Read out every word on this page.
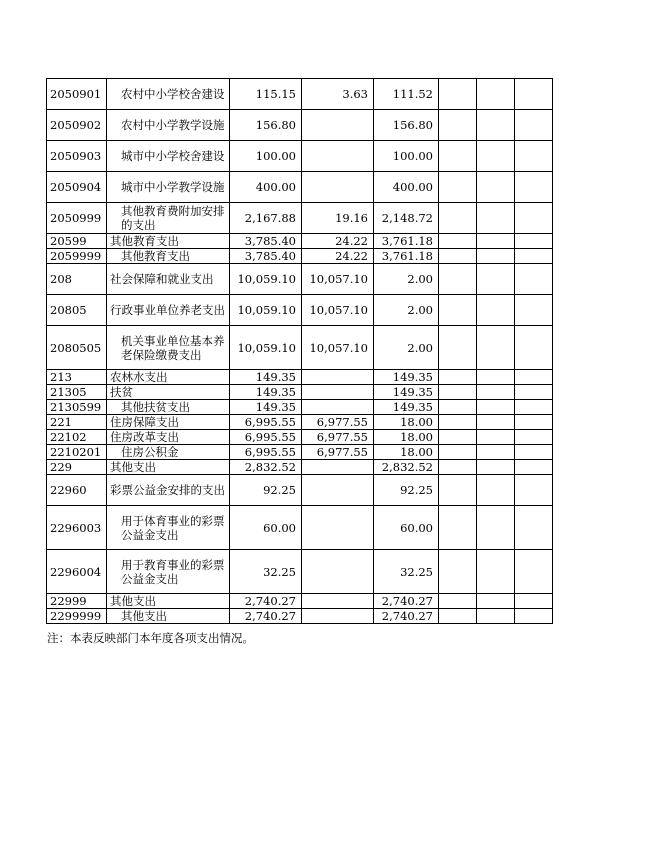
2050901	农村中小学校舍建设	115.15	3.63	111.52			
2050902	农村中小学教学设施	156.80		156.80			
2050903	城市中小学校舍建设	100.00		100.00			
2050904	城市中小学教学设施	400.00		400.00			
2050999	其他教育费附加安排的支出	2,167.88	19.16	2,148.72			
20599	其他教育支出	3,785.40	24.22	3,761.18			
2059999	其他教育支出	3,785.40	24.22	3,761.18			
208	社会保障和就业支出	10,059.10	10,057.10	2.00			
20805	行政事业单位养老支出	10,059.10	10,057.10	2.00			
2080505	机关事业单位基本养老保险缴费支出	10,059.10	10,057.10	2.00			
213	农林水支出	149.35		149.35			
21305	扶贫	149.35		149.35			
2130599	其他扶贫支出	149.35		149.35			
221	住房保障支出	6,995.55	6,977.55	18.00			
22102	住房改革支出	6,995.55	6,977.55	18.00			
2210201	住房公积金	6,995.55	6,977.55	18.00			
229	其他支出	2,832.52		2,832.52			
22960	彩票公益金安排的支出	92.25		92.25			
2296003	用于体育事业的彩票公益金支出	60.00		60.00			
2296004	用于教育事业的彩票公益金支出	32.25		32.25			
22999	其他支出	2,740.27		2,740.27			
2299999	其他支出	2,740.27		2,740.27			
注：本表反映部门本年度各项支出情况。
